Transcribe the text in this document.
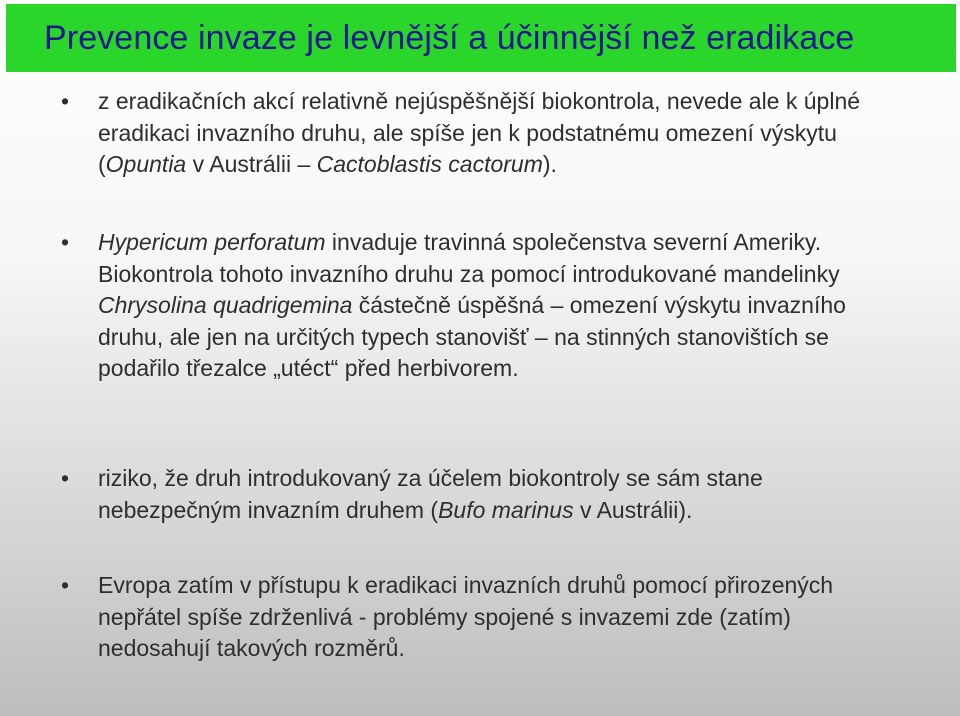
Prevence invaze je levnější a účinnější než eradikace
• z eradikačních akcí relativně nejúspěšnější biokontrola, nevede ale k úplné eradikaci invazního druhu, ale spíše jen k podstatnému omezení výskytu (Opuntia v Austrálii – Cactoblastis cactorum).
• Hypericum perforatum invaduje travinná společenstva severní Ameriky. Biokontrola tohoto invazního druhu za pomocí introdukované mandelinky Chrysolina quadrigemina částečně úspěšná – omezení výskytu invazního druhu, ale jen na určitých typech stanovišť – na stinných stanovištích se podařilo třezalce „utéct“ před herbivorem.
• riziko, že druh introdukovaný za účelem biokontroly se sám stane nebezpečným invazním druhem (Bufo marinus v Austrálii).
• Evropa zatím v přístupu k eradikaci invazních druhů pomocí přirozených nepřátel spíše zdrženlivá - problémy spojené s invazemi zde (zatím) nedosahují takových rozměrů.
